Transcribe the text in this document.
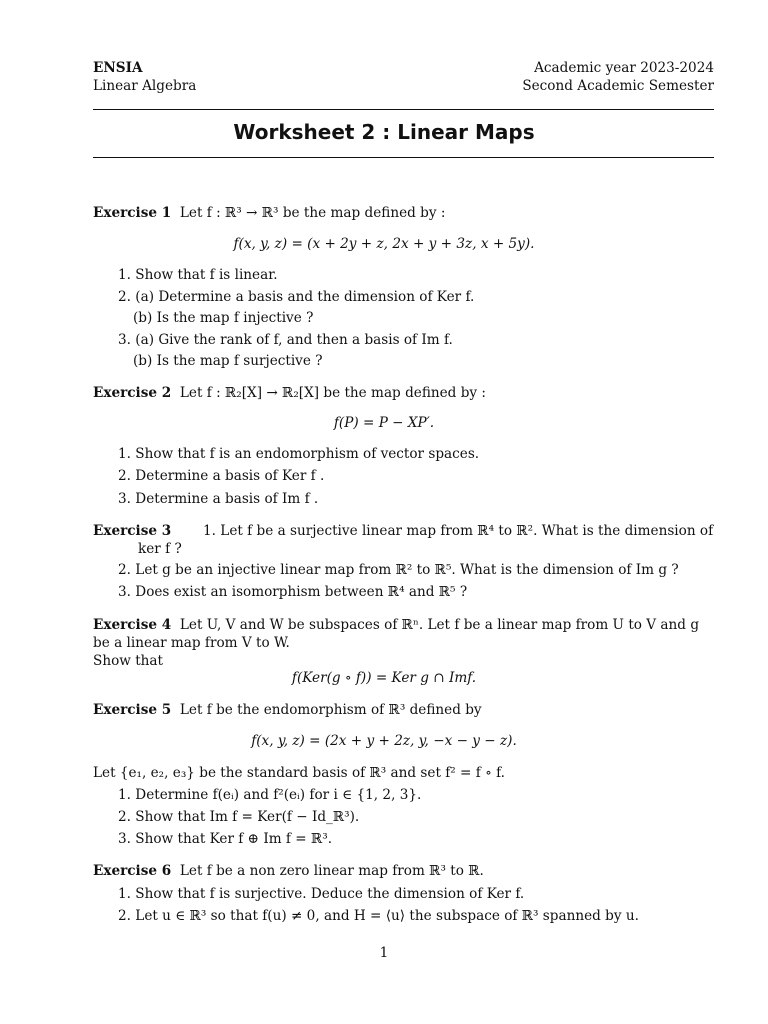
ENSIA
Linear Algebra
Academic year 2023-2024
Second Academic Semester
Worksheet 2 : Linear Maps
Exercise 1 Let f : ℝ³ → ℝ³ be the map defined by :
f(x, y, z) = (x + 2y + z, 2x + y + 3z, x + 5y).
1. Show that f is linear.
2. (a) Determine a basis and the dimension of Ker f.
(b) Is the map f injective ?
3. (a) Give the rank of f, and then a basis of Im f.
(b) Is the map f surjective ?
Exercise 2 Let f : ℝ₂[X] → ℝ₂[X] be the map defined by :
f(P) = P − XP′.
1. Show that f is an endomorphism of vector spaces.
2. Determine a basis of Ker f .
3. Determine a basis of Im f .
Exercise 3 1. Let f be a surjective linear map from ℝ⁴ to ℝ². What is the dimension of
ker f ?
2. Let g be an injective linear map from ℝ² to ℝ⁵. What is the dimension of Im g ?
3. Does exist an isomorphism between ℝ⁴ and ℝ⁵ ?
Exercise 4 Let U, V and W be subspaces of ℝⁿ. Let f be a linear map from U to V and g
be a linear map from V to W.
Show that
f(Ker(g ∘ f)) = Ker g ∩ Imf.
Exercise 5 Let f be the endomorphism of ℝ³ defined by
f(x, y, z) = (2x + y + 2z, y, −x − y − z).
Let {e₁, e₂, e₃} be the standard basis of ℝ³ and set f² = f ∘ f.
1. Determine f(eᵢ) and f²(eᵢ) for i ∈ {1, 2, 3}.
2. Show that Im f = Ker(f − Id_ℝ³).
3. Show that Ker f ⊕ Im f = ℝ³.
Exercise 6 Let f be a non zero linear map from ℝ³ to ℝ.
1. Show that f is surjective. Deduce the dimension of Ker f.
2. Let u ∈ ℝ³ so that f(u) ≠ 0, and H = ⟨u⟩ the subspace of ℝ³ spanned by u.
1
